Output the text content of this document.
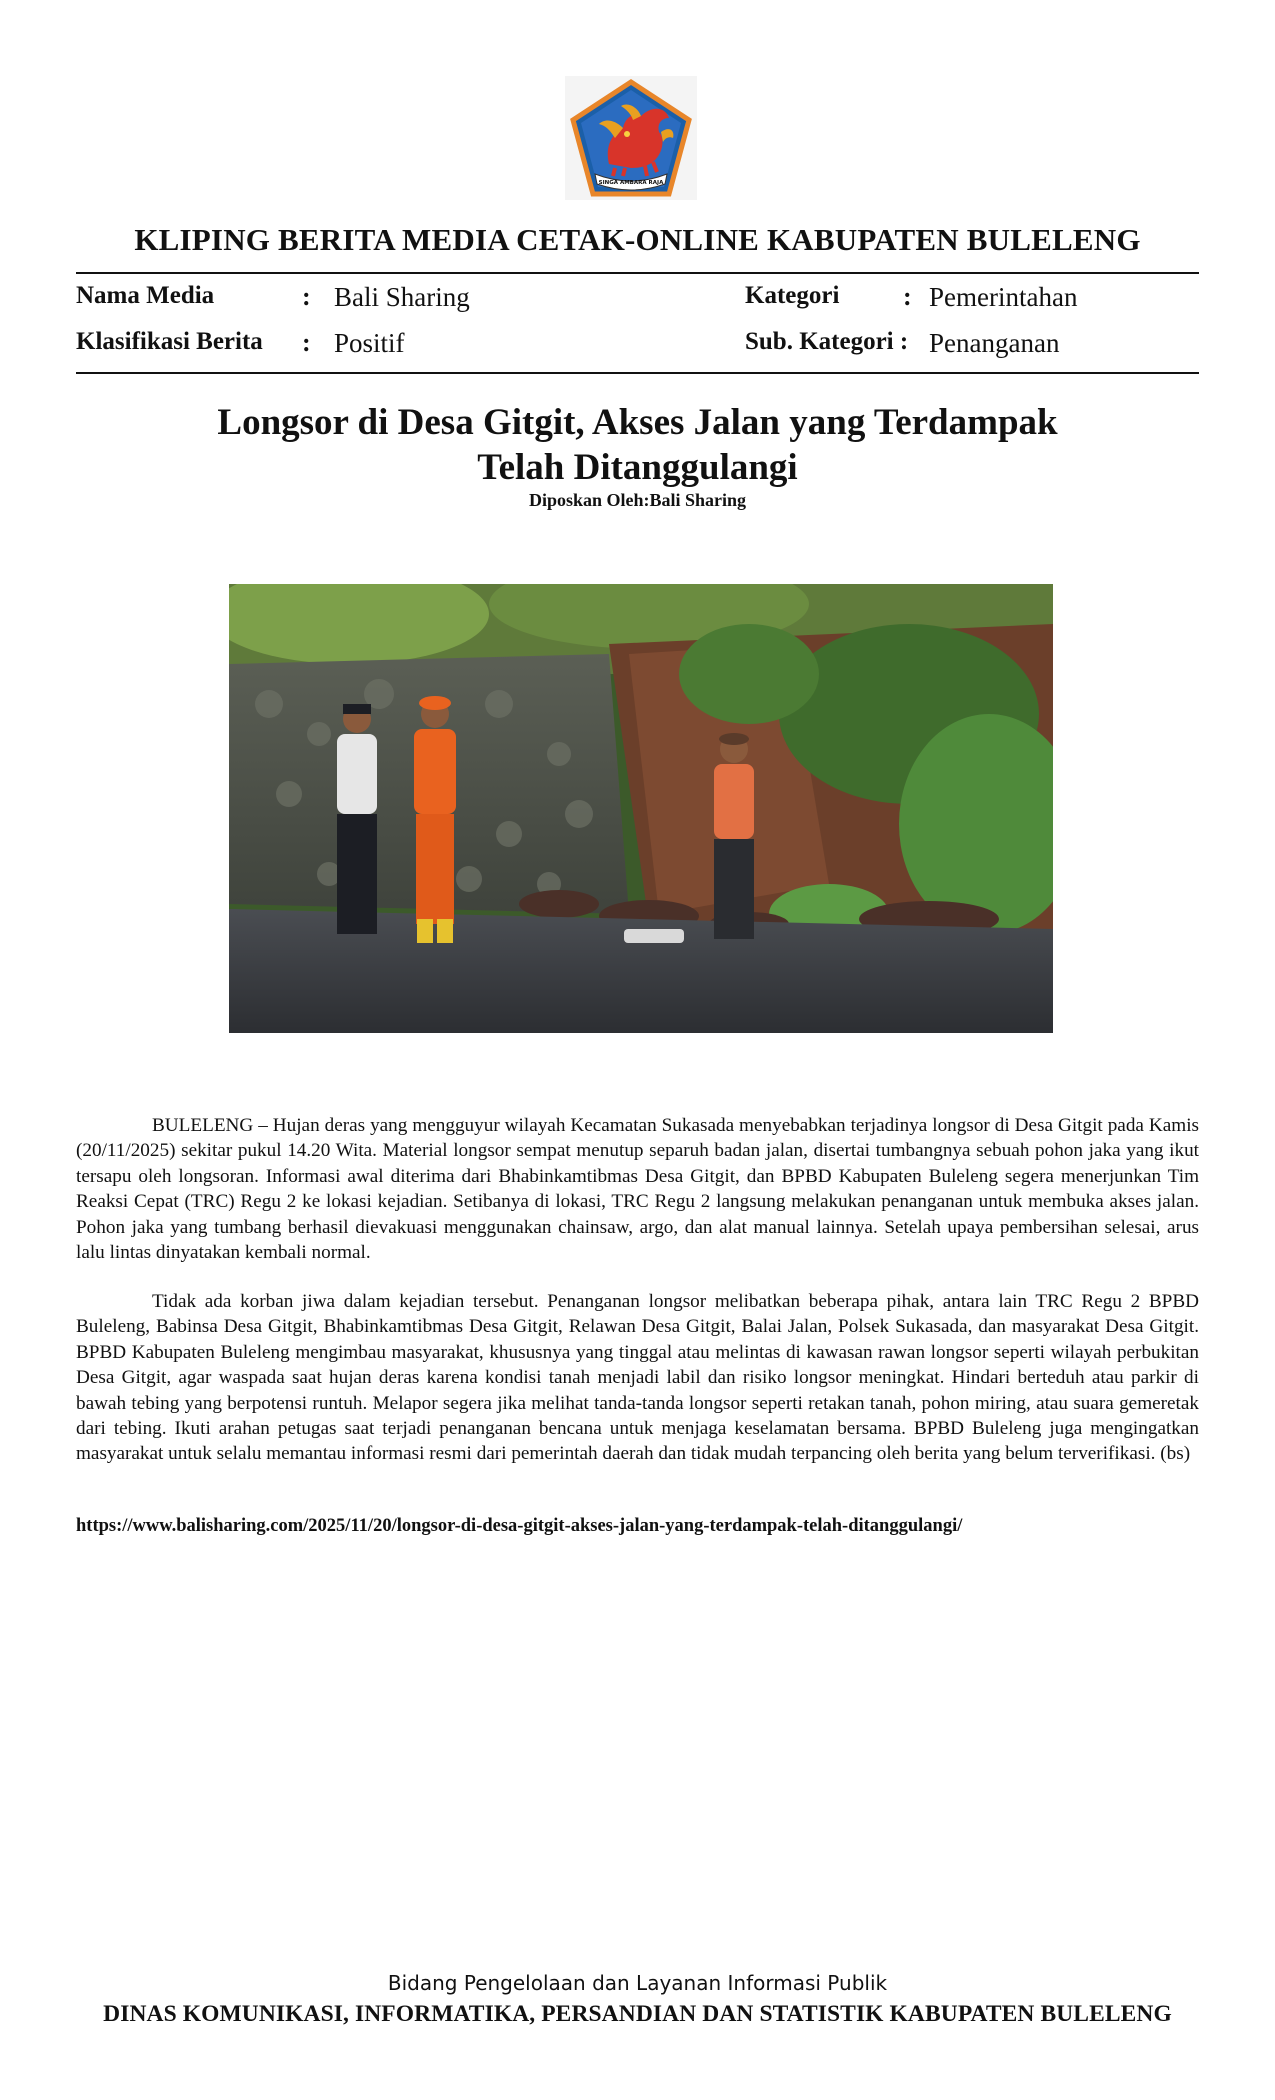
SINGA AMBARA RAJA
KLIPING BERITA MEDIA CETAK-ONLINE KABUPATEN BULELENG
Nama Media	: Bali Sharing
Klasifikasi Berita : Positif
Kategori : Pemerintahan
Sub. Kategori : Penanganan
Longsor di Desa Gitgit, Akses Jalan yang Terdampak
Telah Ditanggulangi
Diposkan Oleh:Bali Sharing
BULELENG – Hujan deras yang mengguyur wilayah Kecamatan Sukasada menyebabkan terjadinya longsor di Desa Gitgit pada Kamis (20/11/2025) sekitar pukul 14.20 Wita. Material longsor sempat menutup separuh badan jalan, disertai tumbangnya sebuah pohon jaka yang ikut tersapu oleh longsoran. Informasi awal diterima dari Bhabinkamtibmas Desa Gitgit, dan BPBD Kabupaten Buleleng segera menerjunkan Tim Reaksi Cepat (TRC) Regu 2 ke lokasi kejadian. Setibanya di lokasi, TRC Regu 2 langsung melakukan penanganan untuk membuka akses jalan. Pohon jaka yang tumbang berhasil dievakuasi menggunakan chainsaw, argo, dan alat manual lainnya. Setelah upaya pembersihan selesai, arus lalu lintas dinyatakan kembali normal.
Tidak ada korban jiwa dalam kejadian tersebut. Penanganan longsor melibatkan beberapa pihak, antara lain TRC Regu 2 BPBD Buleleng, Babinsa Desa Gitgit, Bhabinkamtibmas Desa Gitgit, Relawan Desa Gitgit, Balai Jalan, Polsek Sukasada, dan masyarakat Desa Gitgit. BPBD Kabupaten Buleleng mengimbau masyarakat, khususnya yang tinggal atau melintas di kawasan rawan longsor seperti wilayah perbukitan Desa Gitgit, agar waspada saat hujan deras karena kondisi tanah menjadi labil dan risiko longsor meningkat. Hindari berteduh atau parkir di bawah tebing yang berpotensi runtuh. Melapor segera jika melihat tanda-tanda longsor seperti retakan tanah, pohon miring, atau suara gemeretak dari tebing. Ikuti arahan petugas saat terjadi penanganan bencana untuk menjaga keselamatan bersama. BPBD Buleleng juga mengingatkan masyarakat untuk selalu memantau informasi resmi dari pemerintah daerah dan tidak mudah terpancing oleh berita yang belum terverifikasi. (bs)
https://www.balisharing.com/2025/11/20/longsor-di-desa-gitgit-akses-jalan-yang-terdampak-telah-ditanggulangi/
Bidang Pengelolaan dan Layanan Informasi Publik
DINAS KOMUNIKASI, INFORMATIKA, PERSANDIAN DAN STATISTIK KABUPATEN BULELENG
